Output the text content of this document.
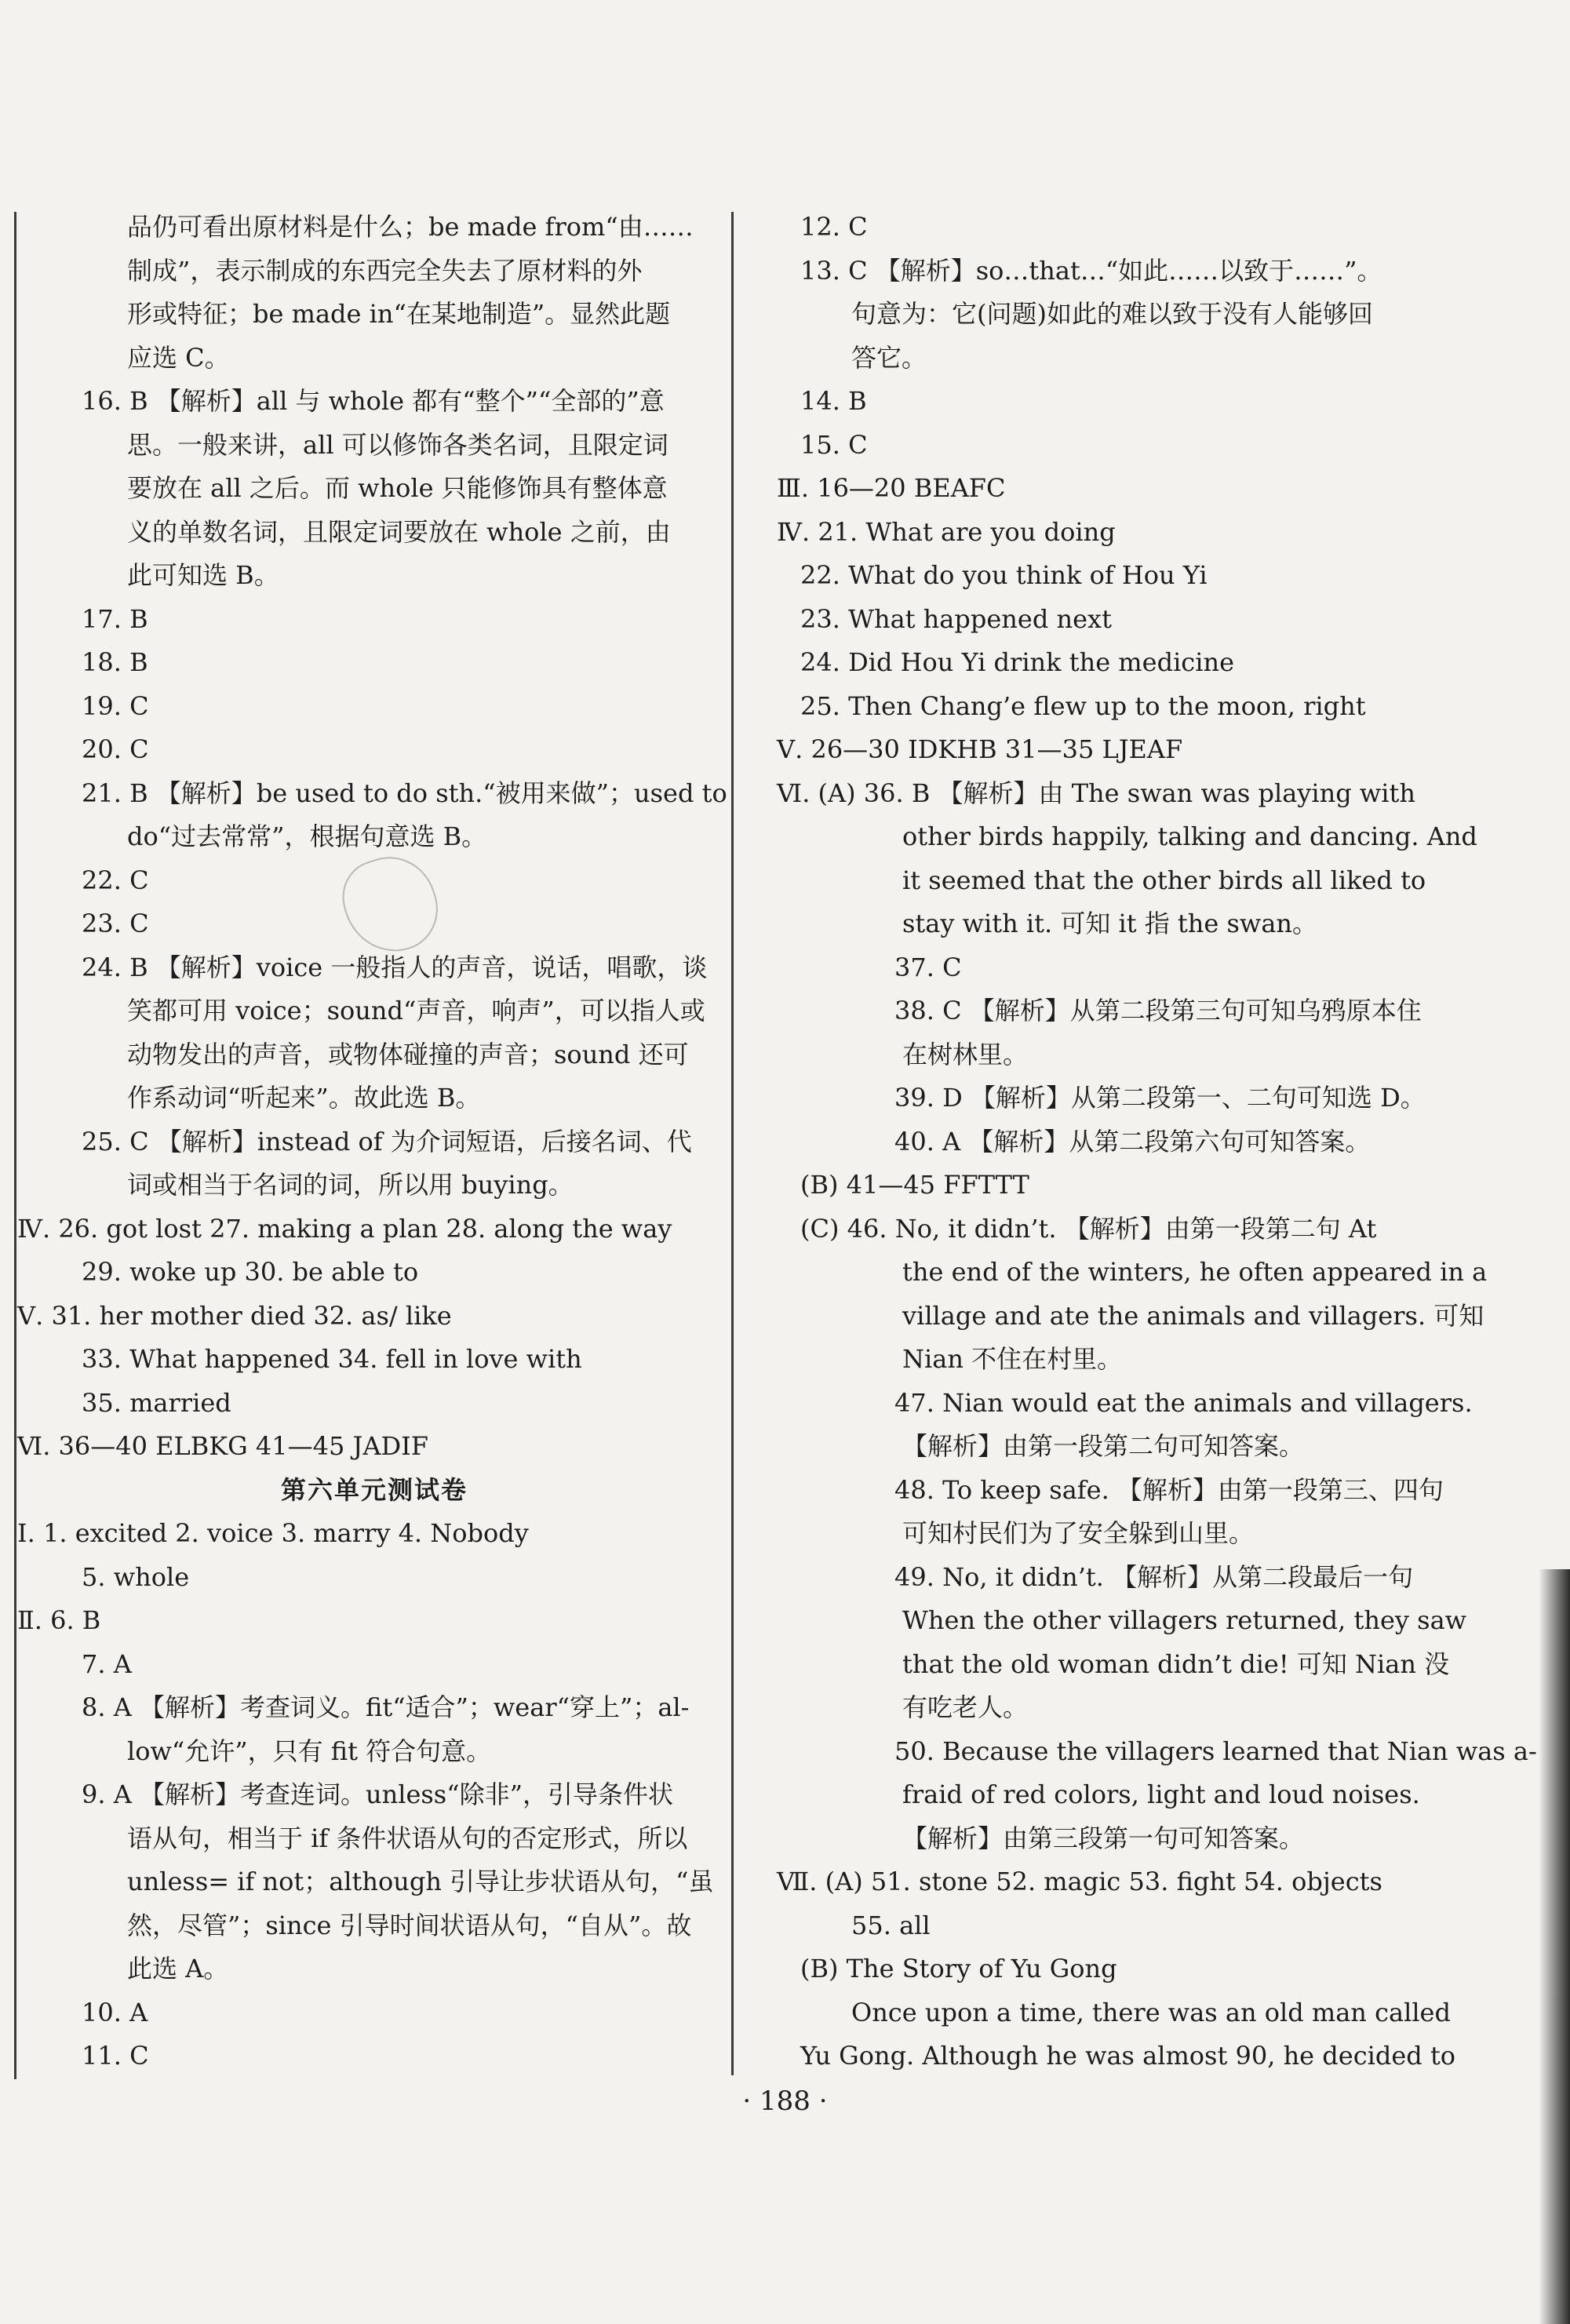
品仍可看出原材料是什么；be made from“由……
制成”，表示制成的东西完全失去了原材料的外
形或特征；be made in“在某地制造”。显然此题
应选 C。
16. B 【解析】all 与 whole 都有“整个”“全部的”意
思。一般来讲，all 可以修饰各类名词，且限定词
要放在 all 之后。而 whole 只能修饰具有整体意
义的单数名词，且限定词要放在 whole 之前，由
此可知选 B。
17. B
18. B
19. C
20. C
21. B 【解析】be used to do sth.“被用来做”；used to
do“过去常常”，根据句意选 B。
22. C
23. C
24. B 【解析】voice 一般指人的声音，说话，唱歌，谈
笑都可用 voice；sound“声音，响声”，可以指人或
动物发出的声音，或物体碰撞的声音；sound 还可
作系动词“听起来”。故此选 B。
25. C 【解析】instead of 为介词短语，后接名词、代
词或相当于名词的词，所以用 buying。
Ⅳ. 26. got lost 27. making a plan 28. along the way
29. woke up 30. be able to
Ⅴ. 31. her mother died 32. as/ like
33. What happened 34. fell in love with
35. married
Ⅵ. 36—40 ELBKG 41—45 JADIF
第六单元测试卷
Ⅰ. 1. excited 2. voice 3. marry 4. Nobody
5. whole
Ⅱ. 6. B
7. A
8. A 【解析】考查词义。fit“适合”；wear“穿上”；al-
low“允许”，只有 fit 符合句意。
9. A 【解析】考查连词。unless“除非”，引导条件状
语从句，相当于 if 条件状语从句的否定形式，所以
unless= if not；although 引导让步状语从句，“虽
然，尽管”；since 引导时间状语从句，“自从”。故
此选 A。
10. A
11. C
12. C
13. C 【解析】so…that…“如此……以致于……”。
句意为：它(问题)如此的难以致于没有人能够回
答它。
14. B
15. C
Ⅲ. 16—20 BEAFC
Ⅳ. 21. What are you doing
22. What do you think of Hou Yi
23. What happened next
24. Did Hou Yi drink the medicine
25. Then Chang’e flew up to the moon, right
Ⅴ. 26—30 IDKHB 31—35 LJEAF
Ⅵ. (A) 36. B 【解析】由 The swan was playing with
other birds happily, talking and dancing. And
it seemed that the other birds all liked to
stay with it. 可知 it 指 the swan。
37. C
38. C 【解析】从第二段第三句可知乌鸦原本住
在树林里。
39. D 【解析】从第二段第一、二句可知选 D。
40. A 【解析】从第二段第六句可知答案。
(B) 41—45 FFTTT
(C) 46. No, it didn’t. 【解析】由第一段第二句 At
the end of the winters, he often appeared in a
village and ate the animals and villagers. 可知
Nian 不住在村里。
47. Nian would eat the animals and villagers.
【解析】由第一段第二句可知答案。
48. To keep safe. 【解析】由第一段第三、四句
可知村民们为了安全躲到山里。
49. No, it didn’t. 【解析】从第二段最后一句
When the other villagers returned, they saw
that the old woman didn’t die! 可知 Nian 没
有吃老人。
50. Because the villagers learned that Nian was a-
fraid of red colors, light and loud noises.
【解析】由第三段第一句可知答案。
Ⅶ. (A) 51. stone 52. magic 53. fight 54. objects
55. all
(B) The Story of Yu Gong
Once upon a time, there was an old man called
Yu Gong. Although he was almost 90, he decided to
· 188 ·
